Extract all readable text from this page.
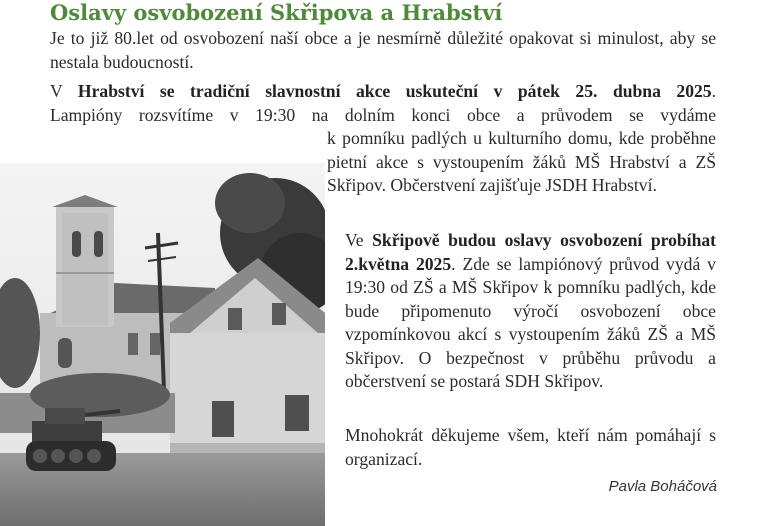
Oslavy osvobození Skřipova a Hrabství

Je to již 80.let od osvobození naší obce a je nesmírně důležité opakovat si minulost, aby se nestala budoucností.

V Hrabství se tradiční slavnostní akce uskuteční v pátek 25. dubna 2025.
Lampióny rozsvítíme v 19:30 na dolním konci obce a průvodem se vydáme

k pomníku padlých u kulturního domu, kde proběhne pietní akce s vystoupením žáků MŠ Hrabství a ZŠ Skřipov. Občerstvení zajišťuje JSDH Hrabství.

Ve Skřipově budou oslavy osvobození probíhat 2.května 2025. Zde se lampiónový průvod vydá v 19:30 od ZŠ a MŠ Skřipov k pomníku padlých, kde bude připomenuto výročí osvobození obce vzpomínkovou akcí s vystoupením žáků ZŠ a MŠ Skřipov. O bezpečnost v průběhu průvodu a občerstvení se postará SDH Skřipov.

Mnohokrát děkujeme všem, kteří nám pomáhají s organizací.

Pavla Boháčová
